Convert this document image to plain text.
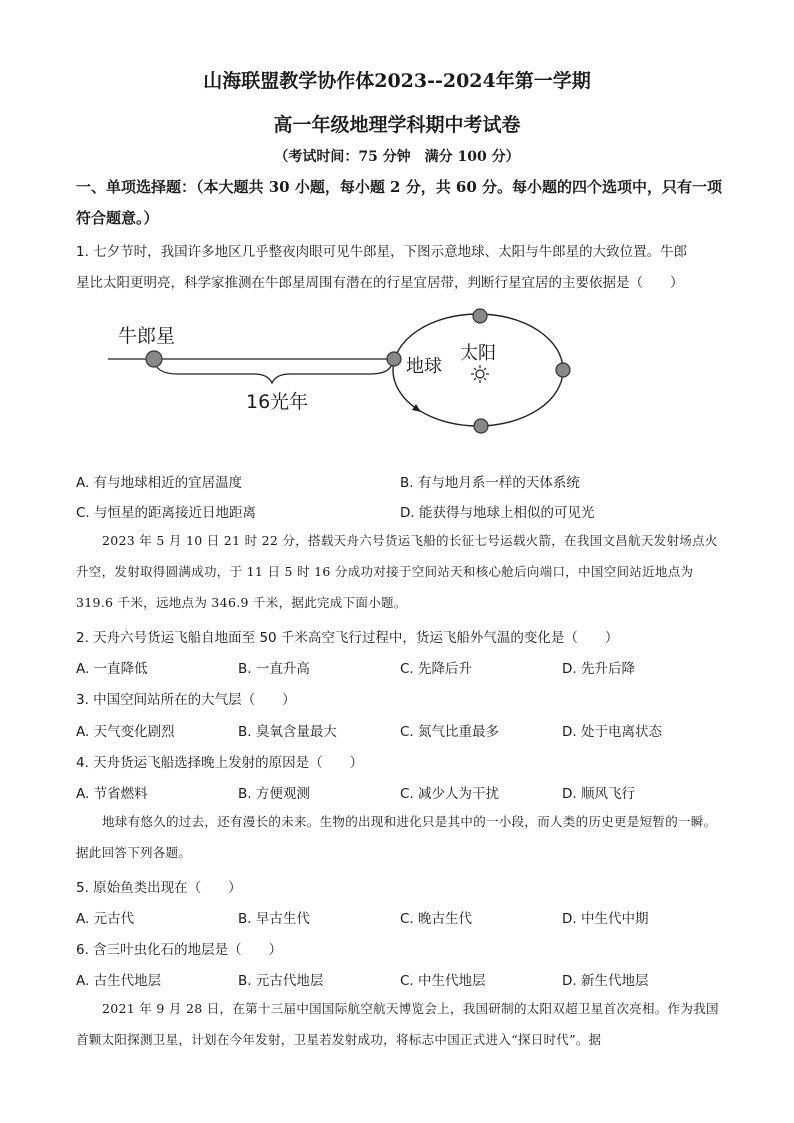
山海联盟教学协作体2023--2024年第一学期
高一年级地理学科期中考试卷
（考试时间：75 分钟　满分 100 分）
一、单项选择题：（本大题共 30 小题，每小题 2 分，共 60 分。每小题的四个选项中，只有一项符合题意。）
1. 七夕节时，我国许多地区几乎整夜肉眼可见牛郎星，下图示意地球、太阳与牛郎星的大致位置。牛郎
星比太阳更明亮，科学家推测在牛郎星周围有潜在的行星宜居带，判断行星宜居的主要依据是（　　）
牛郎星
16光年
地球
太阳
A. 有与地球相近的宜居温度	B. 有与地月系一样的天体系统
C. 与恒星的距离接近日地距离	D. 能获得与地球上相似的可见光
2023 年 5 月 10 日 21 时 22 分，搭载天舟六号货运飞船的长征七号运载火箭，在我国文昌航天发射场点火升空，发射取得圆满成功，于 11 日 5 时 16 分成功对接于空间站天和核心舱后向端口，中国空间站近地点为 319.6 千米，远地点为 346.9 千米，据此完成下面小题。
2. 天舟六号货运飞船自地面至 50 千米高空飞行过程中，货运飞船外气温的变化是（　　）
A. 一直降低	B. 一直升高	C. 先降后升	D. 先升后降
3. 中国空间站所在的大气层（　　）
A. 天气变化剧烈	B. 臭氧含量最大	C. 氮气比重最多	D. 处于电离状态
4. 天舟货运飞船选择晚上发射的原因是（　　）
A. 节省燃料	B. 方便观测	C. 减少人为干扰	D. 顺风飞行
地球有悠久的过去，还有漫长的未来。生物的出现和进化只是其中的一小段，而人类的历史更是短暂的一瞬。据此回答下列各题。
5. 原始鱼类出现在（　　）
A. 元古代	B. 早古生代	C. 晚古生代	D. 中生代中期
6. 含三叶虫化石的地层是（　　）
A. 古生代地层	B. 元古代地层	C. 中生代地层	D. 新生代地层
2021 年 9 月 28 日，在第十三届中国国际航空航天博览会上，我国研制的太阳双超卫星首次亮相。作为我国首颗太阳探测卫星，计划在今年发射，卫星若发射成功，将标志中国正式进入“探日时代”。据
